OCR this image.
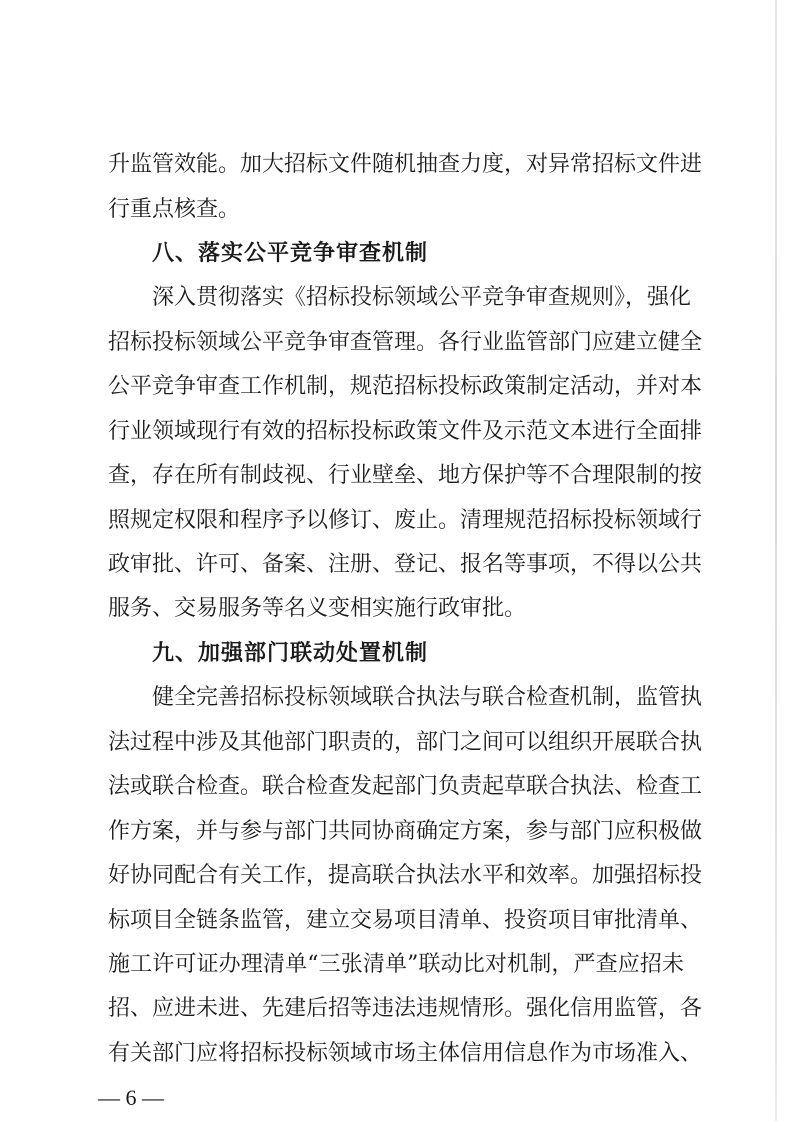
升监管效能。加大招标文件随机抽查力度，对异常招标文件进
行重点核查。
八、落实公平竞争审查机制
深入贯彻落实《招标投标领域公平竞争审查规则》，强化
招标投标领域公平竞争审查管理。各行业监管部门应建立健全
公平竞争审查工作机制，规范招标投标政策制定活动，并对本
行业领域现行有效的招标投标政策文件及示范文本进行全面排
查，存在所有制歧视、行业壁垒、地方保护等不合理限制的按
照规定权限和程序予以修订、废止。清理规范招标投标领域行
政审批、许可、备案、注册、登记、报名等事项，不得以公共
服务、交易服务等名义变相实施行政审批。
九、加强部门联动处置机制
健全完善招标投标领域联合执法与联合检查机制，监管执
法过程中涉及其他部门职责的，部门之间可以组织开展联合执
法或联合检查。联合检查发起部门负责起草联合执法、检查工
作方案，并与参与部门共同协商确定方案，参与部门应积极做
好协同配合有关工作，提高联合执法水平和效率。加强招标投
标项目全链条监管，建立交易项目清单、投资项目审批清单、
施工许可证办理清单“三张清单”联动比对机制，严查应招未
招、应进未进、先建后招等违法违规情形。强化信用监管，各
有关部门应将招标投标领域市场主体信用信息作为市场准入、
— 6 —
